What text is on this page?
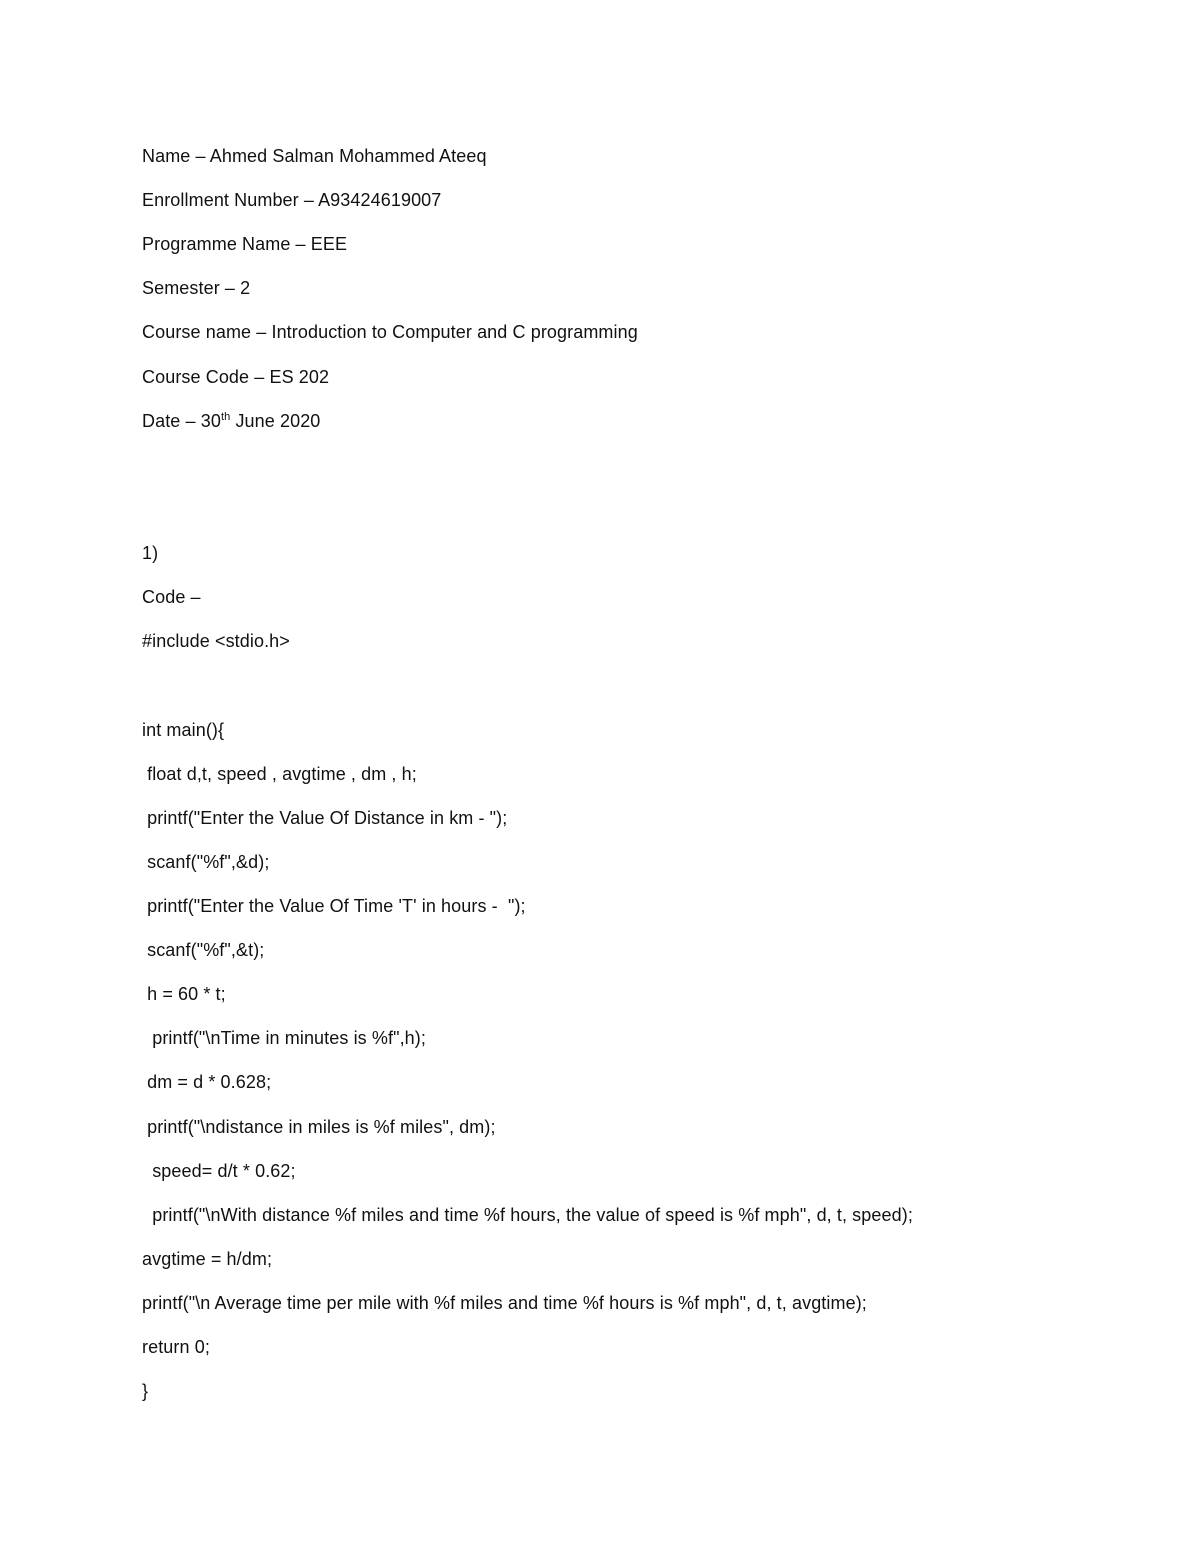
Name – Ahmed Salman Mohammed Ateeq
Enrollment Number – A93424619007
Programme Name – EEE
Semester – 2
Course name – Introduction to Computer and C programming
Course Code – ES 202
Date – 30th June 2020
1)
Code –
#include <stdio.h>
int main(){
float d,t, speed , avgtime , dm , h;
printf("Enter the Value Of Distance in km - ");
scanf("%f",&d);
printf("Enter the Value Of Time 'T' in hours -  ");
scanf("%f",&t);
h = 60 * t;
printf("\nTime in minutes is %f",h);
dm = d * 0.628;
printf("\ndistance in miles is %f miles", dm);
speed= d/t * 0.62;
printf("\nWith distance %f miles and time %f hours, the value of speed is %f mph", d, t, speed);
avgtime = h/dm;
printf("\n Average time per mile with %f miles and time %f hours is %f mph", d, t, avgtime);
return 0;
}
